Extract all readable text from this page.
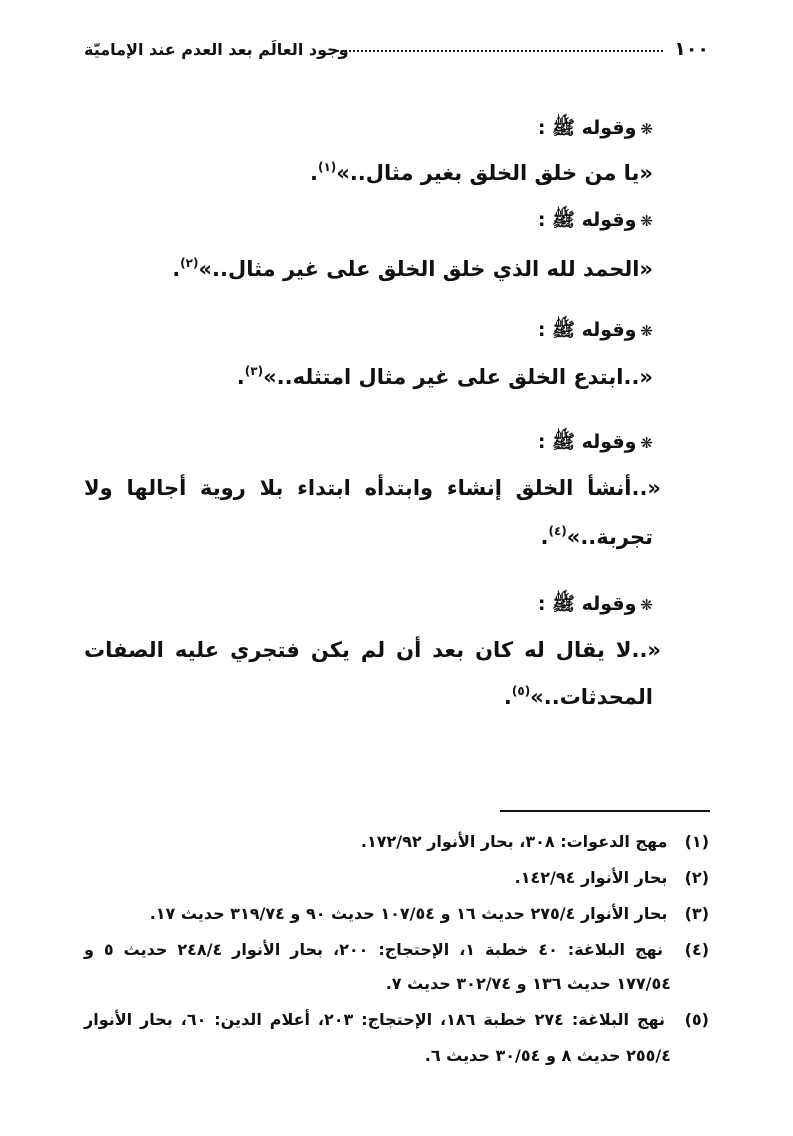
١٠٠
وجود العالَم بعد العدم عند الإماميّة
❋وقوله ﷺ :
«يا من خلق الخلق بغير مثال..»$^{(١)}$.
❋وقوله ﷺ :
«الحمد لله الذي خلق الخلق على غير مثال..»$^{(٢)}$.
❋وقوله ﷺ :
«..ابتدع الخلق على غير مثال امتثله..»$^{(٣)}$.
❋وقوله ﷺ :
«..أنشأ الخلق إنشاء وابتدأه ابتداء بلا روية أجالها ولا
تجربة..»$^{(٤)}$.
❋وقوله ﷺ :
«..لا يقال له كان بعد أن لم يكن فتجري عليه الصفات
المحدثات..»$^{(٥)}$.
(١) مهج الدعوات: ٣٠٨، بحار الأنوار ١٧٢/٩٢.
(٢) بحار الأنوار ١٤٢/٩٤.
(٣) بحار الأنوار ٢٧٥/٤ حديث ١٦ و ١٠٧/٥٤ حديث ٩٠ و ٣١٩/٧٤ حديث ١٧.
(٤) نهج البلاغة: ٤٠ خطبة ١، الإحتجاج: ٢٠٠، بحار الأنوار ٢٤٨/٤ حديث ٥ و
١٧٧/٥٤ حديث ١٣٦ و ٣٠٢/٧٤ حديث ٧.
(٥) نهج البلاغة: ٢٧٤ خطبة ١٨٦، الإحتجاج: ٢٠٣، أعلام الدين: ٦٠، بحار الأنوار
٢٥٥/٤ حديث ٨ و ٣٠/٥٤ حديث ٦.
